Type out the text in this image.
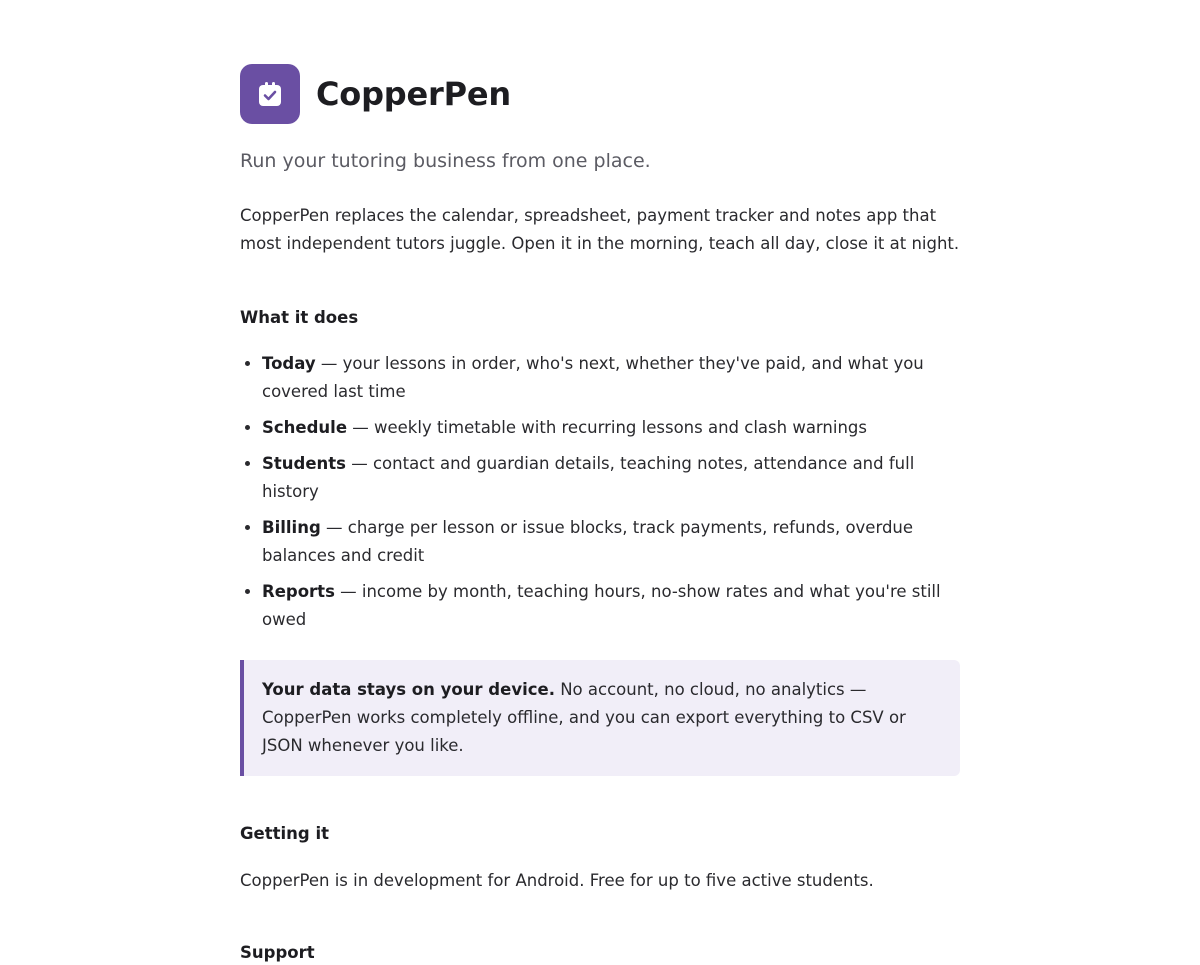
CopperPen

Run your tutoring business from one place.

CopperPen replaces the calendar, spreadsheet, payment tracker and notes app that most independent tutors juggle. Open it in the morning, teach all day, close it at night.

What it does
• Today — your lessons in order, who's next, whether they've paid, and what you covered last time
• Schedule — weekly timetable with recurring lessons and clash warnings
• Students — contact and guardian details, teaching notes, attendance and full history
• Billing — charge per lesson or issue blocks, track payments, refunds, overdue balances and credit
• Reports — income by month, teaching hours, no-show rates and what you're still owed
Your data stays on your device. No account, no cloud, no analytics — CopperPen works completely offline, and you can export everything to CSV or JSON whenever you like.
Getting it

CopperPen is in development for Android. Free for up to five active students.

Support
